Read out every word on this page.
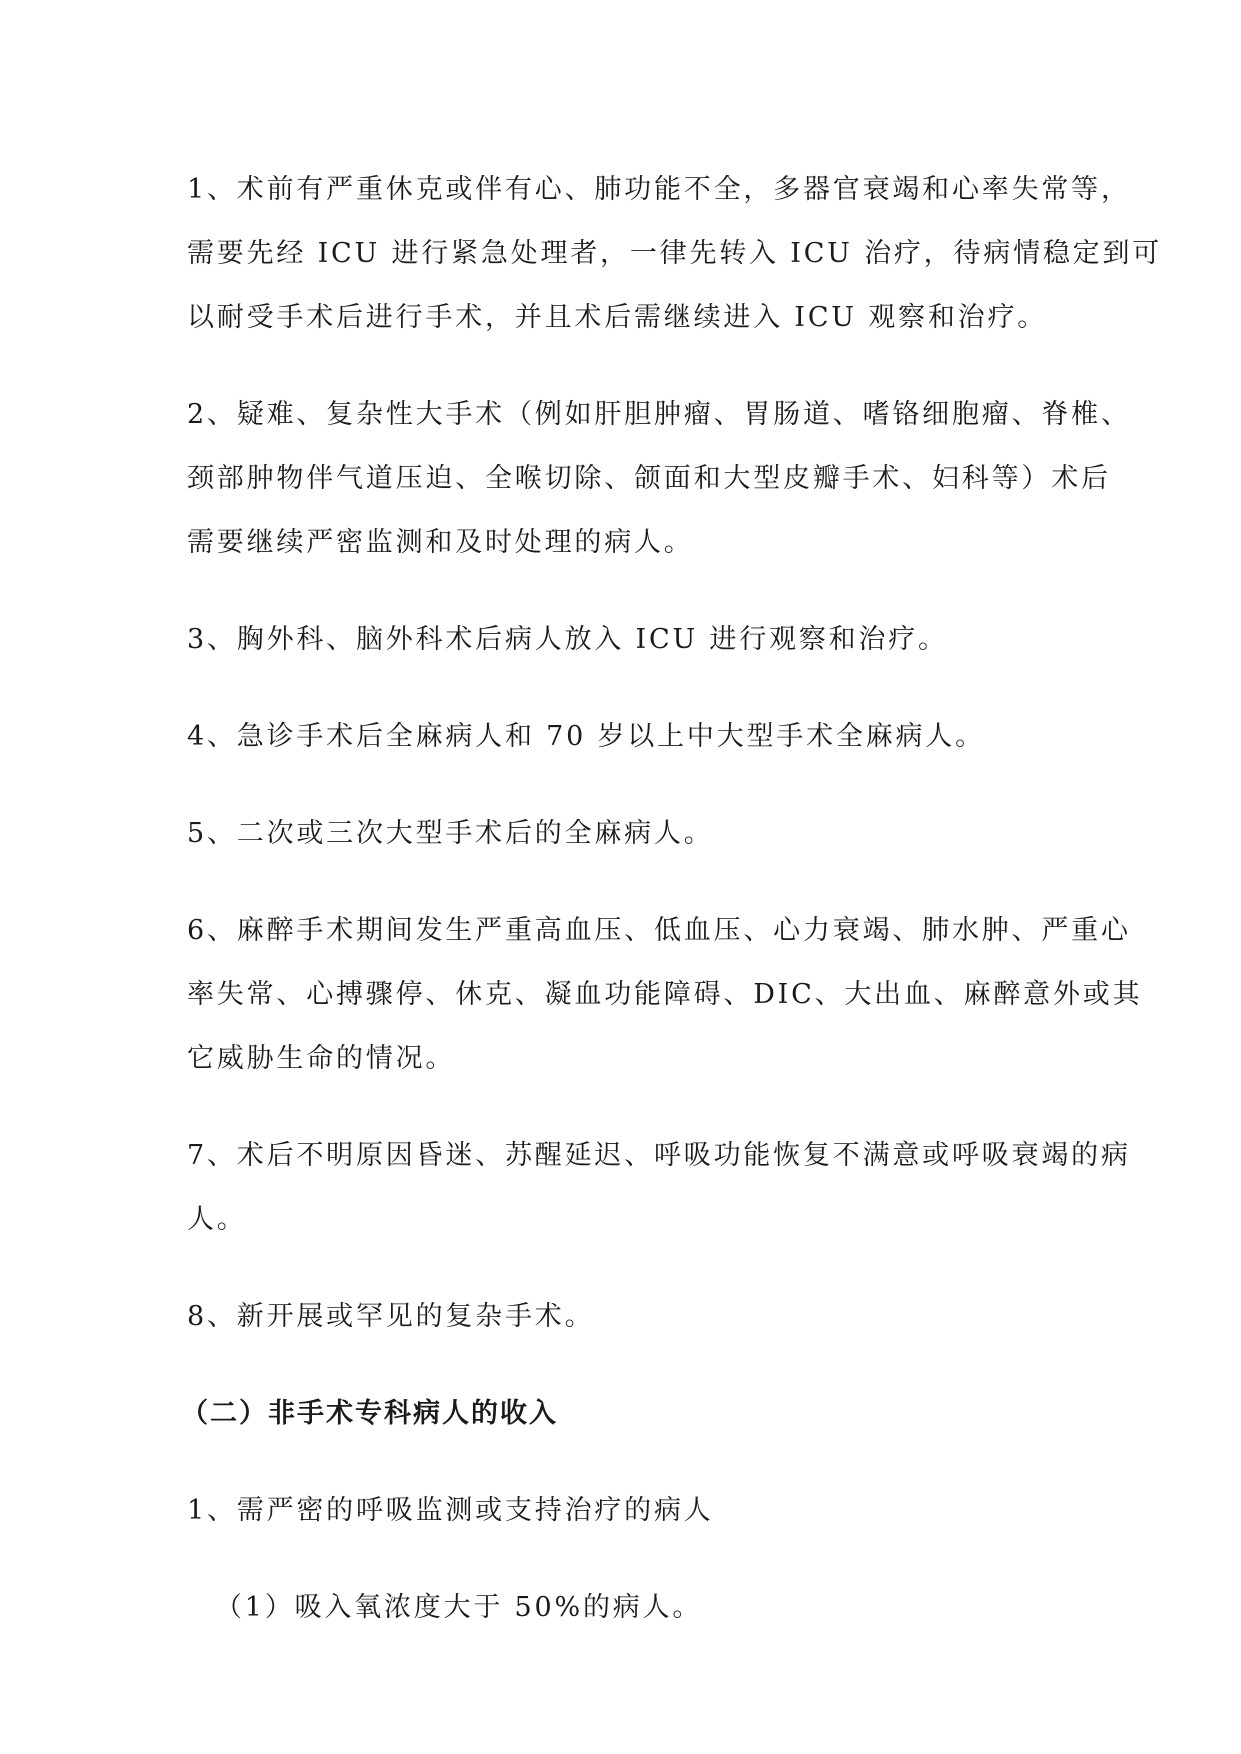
1、术前有严重休克或伴有心、肺功能不全，多器官衰竭和心率失常等，
需要先经 ICU 进行紧急处理者，一律先转入 ICU 治疗，待病情稳定到可
以耐受手术后进行手术，并且术后需继续进入 ICU 观察和治疗。

2、疑难、复杂性大手术（例如肝胆肿瘤、胃肠道、嗜铬细胞瘤、脊椎、
颈部肿物伴气道压迫、全喉切除、颌面和大型皮瓣手术、妇科等）术后
需要继续严密监测和及时处理的病人。

3、胸外科、脑外科术后病人放入 ICU 进行观察和治疗。

4、急诊手术后全麻病人和 70 岁以上中大型手术全麻病人。

5、二次或三次大型手术后的全麻病人。

6、麻醉手术期间发生严重高血压、低血压、心力衰竭、肺水肿、严重心
率失常、心搏骤停、休克、凝血功能障碍、DIC、大出血、麻醉意外或其
它威胁生命的情况。

7、术后不明原因昏迷、苏醒延迟、呼吸功能恢复不满意或呼吸衰竭的病
人。

8、新开展或罕见的复杂手术。

（二）非手术专科病人的收入

1、需严密的呼吸监测或支持治疗的病人

（1）吸入氧浓度大于 50%的病人。
